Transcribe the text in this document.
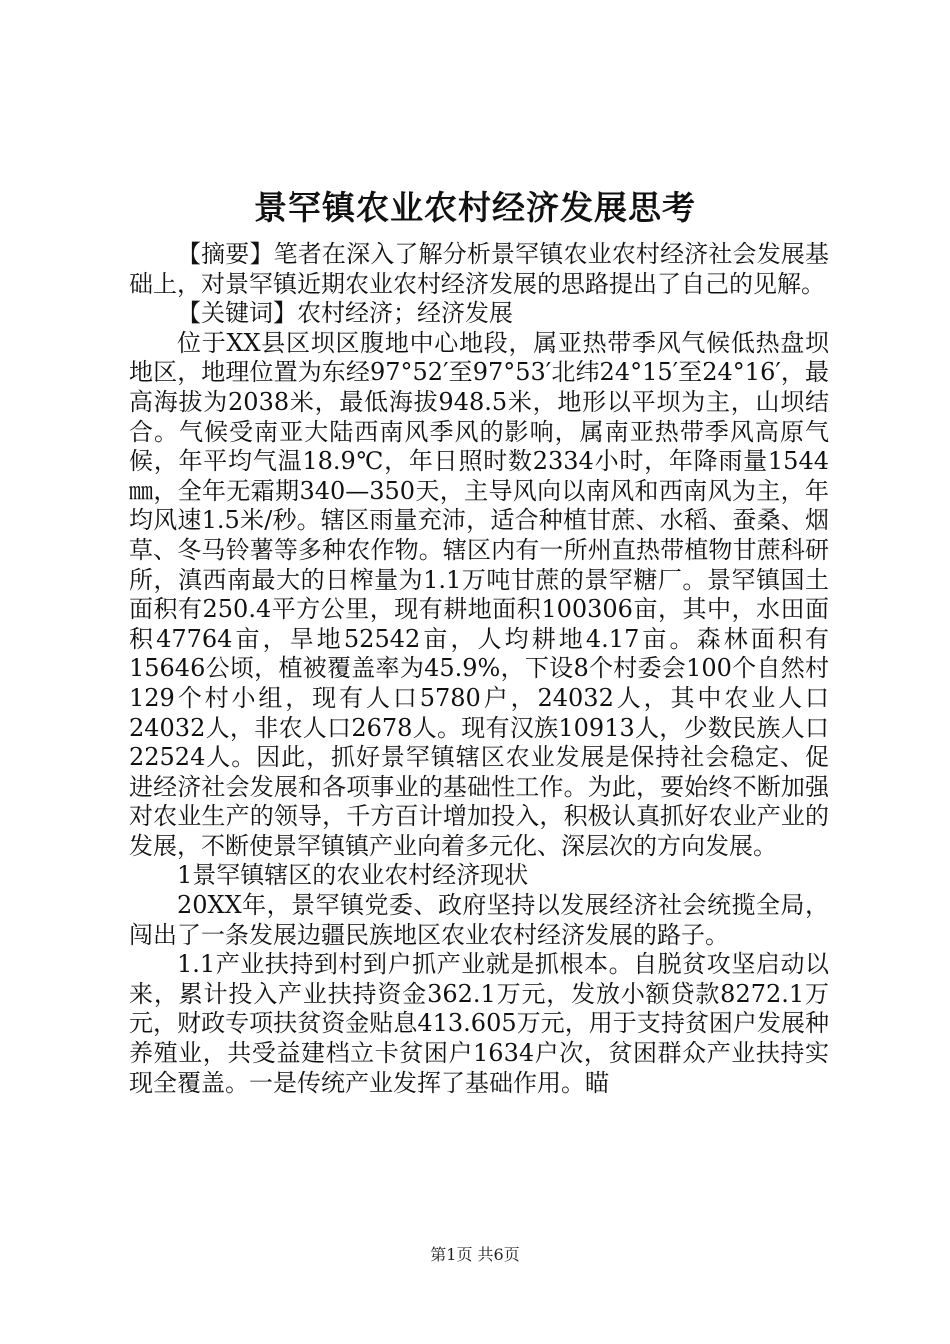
景罕镇农业农村经济发展思考

【摘要】笔者在深入了解分析景罕镇农业农村经济社会发展基础上，对景罕镇近期农业农村经济发展的思路提出了自己的见解。

【关键词】农村经济；经济发展

位于XX县区坝区腹地中心地段，属亚热带季风气候低热盘坝地区，地理位置为东经97°52′至97°53′北纬24°15′至24°16′，最高海拔为2038米，最低海拔948.5米，地形以平坝为主，山坝结合。气候受南亚大陆西南风季风的影响，属南亚热带季风高原气候，年平均气温18.9℃，年日照时数2334小时，年降雨量1544㎜，全年无霜期340—350天，主导风向以南风和西南风为主，年均风速1.5米/秒。辖区雨量充沛，适合种植甘蔗、水稻、蚕桑、烟草、冬马铃薯等多种农作物。辖区内有一所州直热带植物甘蔗科研所，滇西南最大的日榨量为1.1万吨甘蔗的景罕糖厂。景罕镇国土面积有250.4平方公里，现有耕地面积100306亩，其中，水田面积47764亩，旱地52542亩，人均耕地4.17亩。森林面积有15646公顷，植被覆盖率为45.9%，下设8个村委会100个自然村129个村小组，现有人口5780户，24032人，其中农业人口24032人，非农人口2678人。现有汉族10913人，少数民族人口22524人。因此，抓好景罕镇辖区农业发展是保持社会稳定、促进经济社会发展和各项事业的基础性工作。为此，要始终不断加强对农业生产的领导，千方百计增加投入，积极认真抓好农业产业的发展，不断使景罕镇镇产业向着多元化、深层次的方向发展。

1景罕镇辖区的农业农村经济现状

20XX年，景罕镇党委、政府坚持以发展经济社会统揽全局，闯出了一条发展边疆民族地区农业农村经济发展的路子。

1.1产业扶持到村到户抓产业就是抓根本。自脱贫攻坚启动以来，累计投入产业扶持资金362.1万元，发放小额贷款8272.1万元，财政专项扶贫资金贴息413.605万元，用于支持贫困户发展种养殖业，共受益建档立卡贫困户1634户次，贫困群众产业扶持实现全覆盖。一是传统产业发挥了基础作用。瞄

第1页 共6页
